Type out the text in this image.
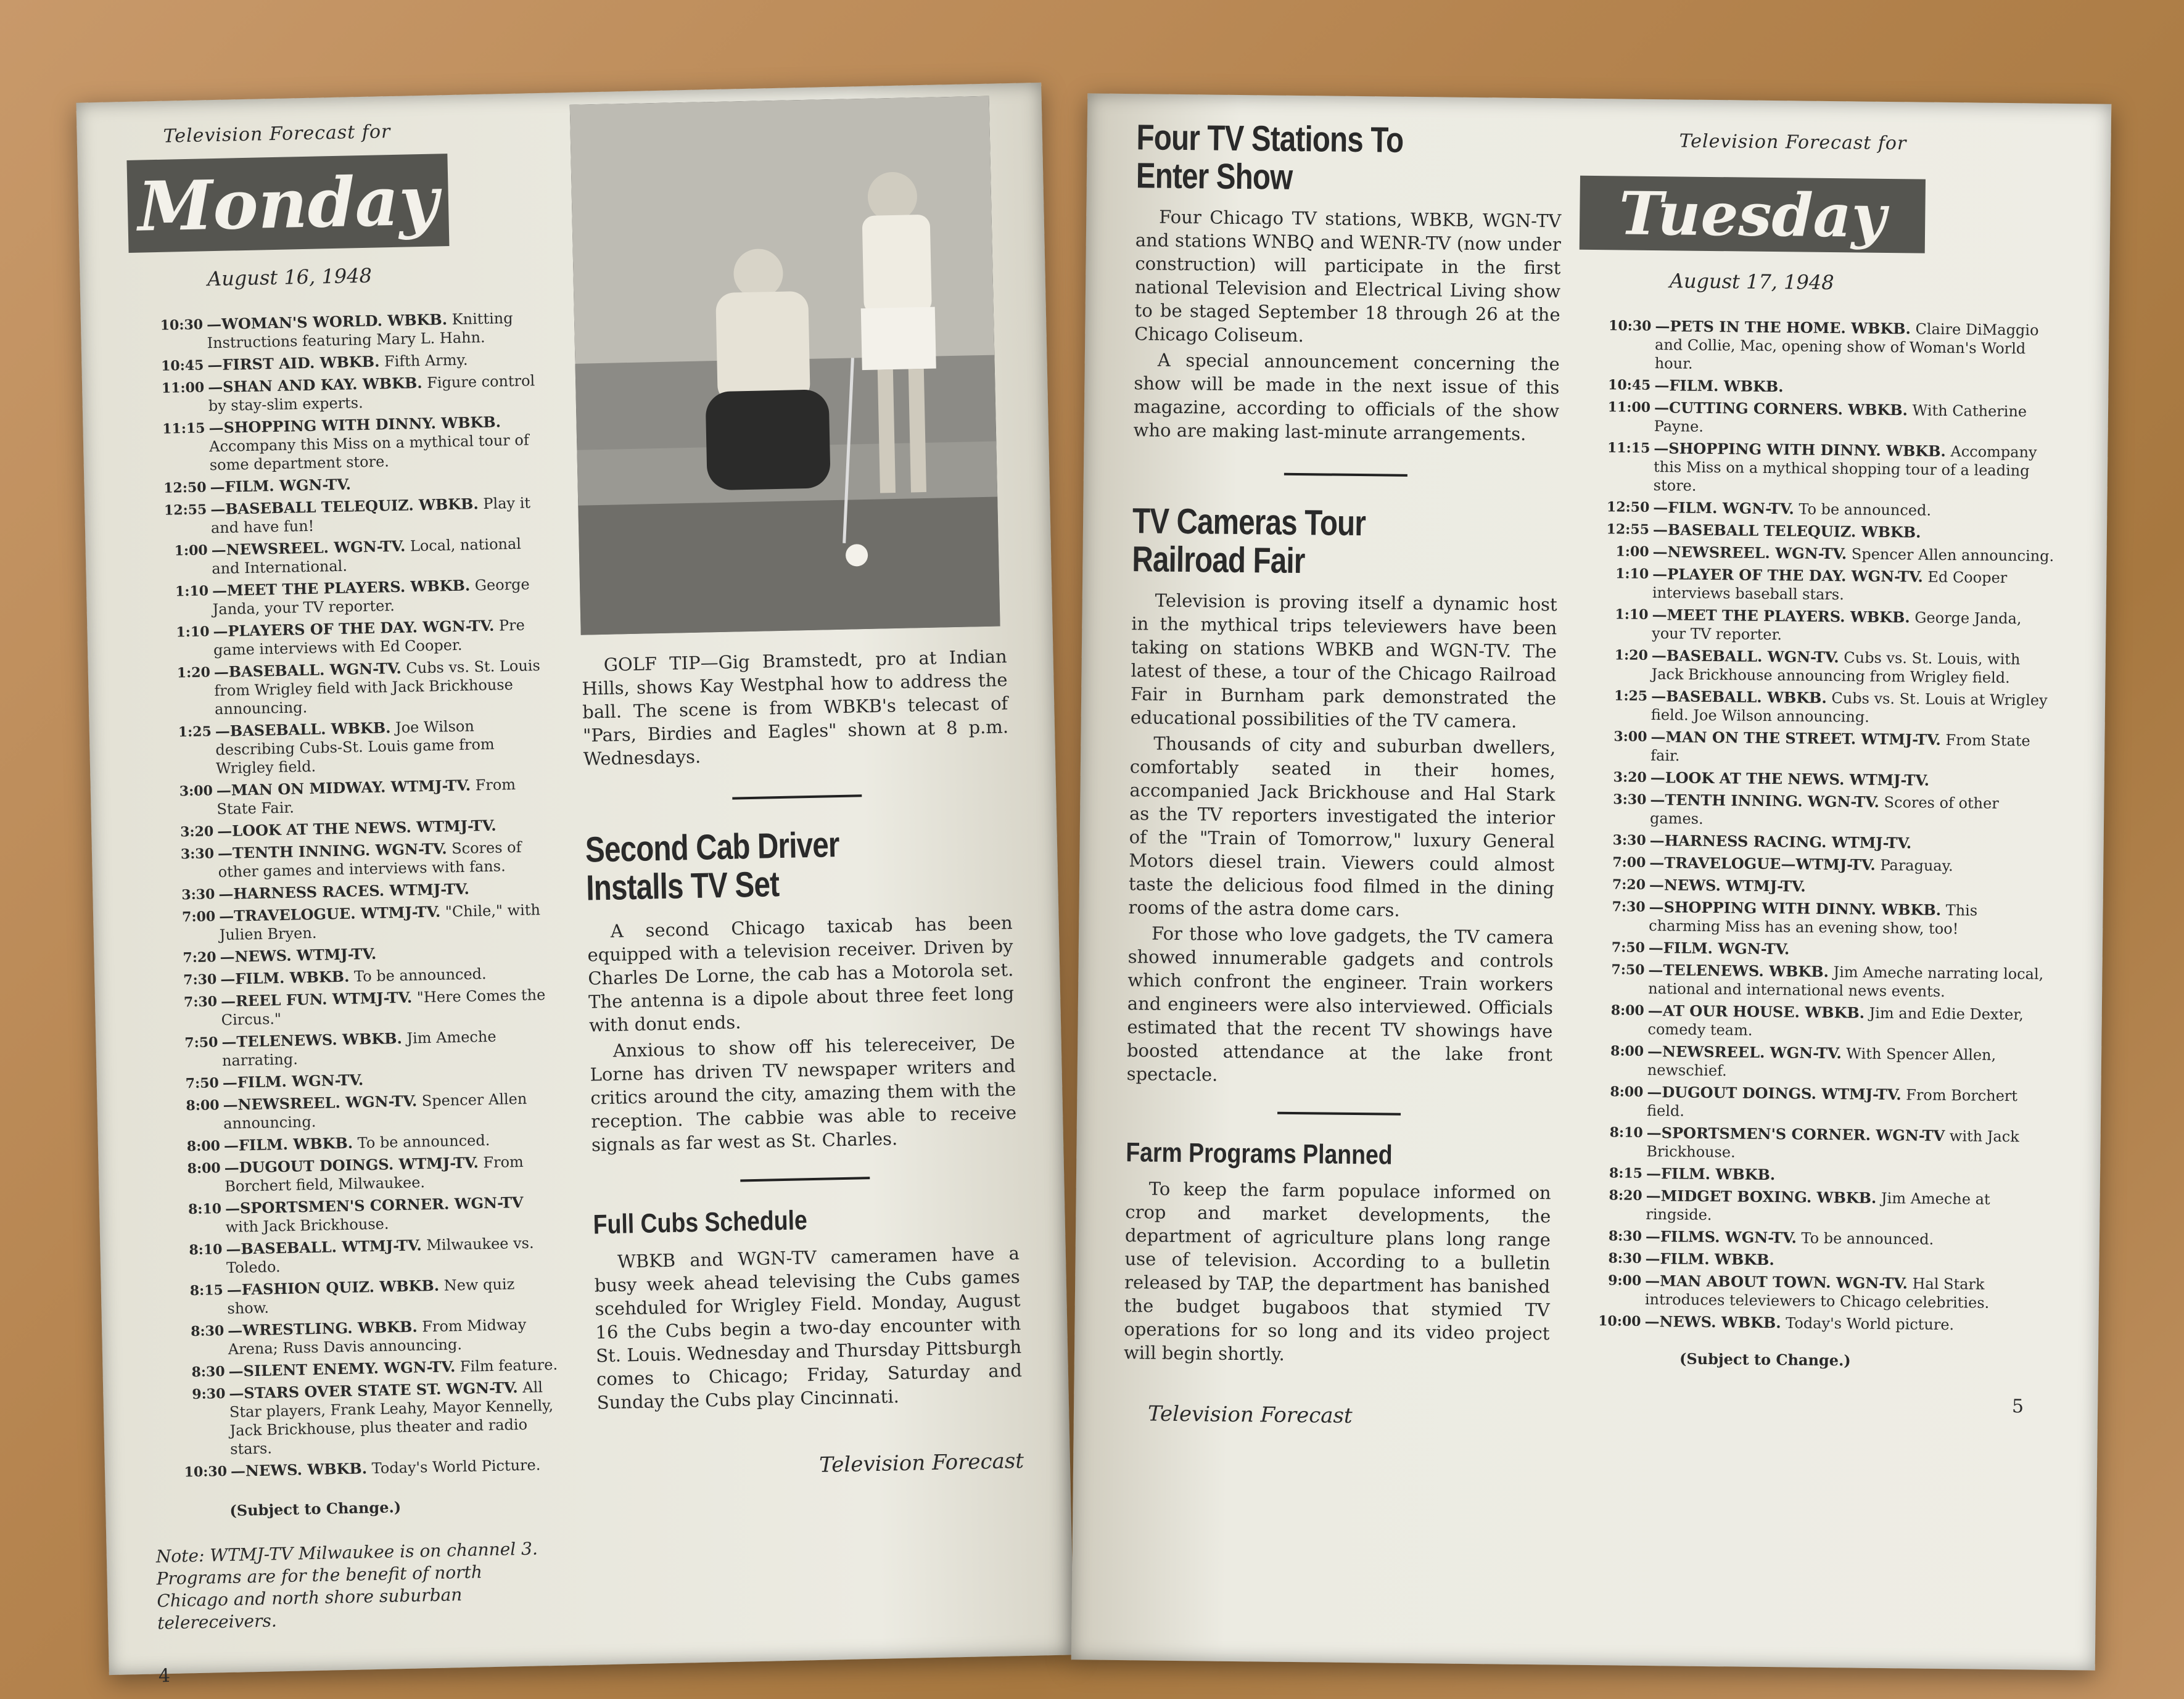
Television Forecast for
Monday
August 16, 1948
10:30 —WOMAN'S WORLD. WBKB. Knitting Instructions featuring Mary L. Hahn.
10:45 —FIRST AID. WBKB. Fifth Army.
11:00 —SHAN AND KAY. WBKB. Figure control by stay-slim experts.
11:15 —SHOPPING WITH DINNY. WBKB. Accompany this Miss on a mythical tour of some department store.
12:50 —FILM. WGN-TV.
12:55 —BASEBALL TELEQUIZ. WBKB. Play it and have fun!
1:00 —NEWSREEL. WGN-TV. Local, national and International.
1:10 —MEET THE PLAYERS. WBKB. George Janda, your TV reporter.
1:10 —PLAYERS OF THE DAY. WGN-TV. Pre game interviews with Ed Cooper.
1:20 —BASEBALL. WGN-TV. Cubs vs. St. Louis from Wrigley field with Jack Brickhouse announcing.
1:25 —BASEBALL. WBKB. Joe Wilson describing Cubs-St. Louis game from Wrigley field.
3:00 —MAN ON MIDWAY. WTMJ-TV. From State Fair.
3:20 —LOOK AT THE NEWS. WTMJ-TV.
3:30 —TENTH INNING. WGN-TV. Scores of other games and interviews with fans.
3:30 —HARNESS RACES. WTMJ-TV.
7:00 —TRAVELOGUE. WTMJ-TV. "Chile," with Julien Bryen.
7:20 —NEWS. WTMJ-TV.
7:30 —FILM. WBKB. To be announced.
7:30 —REEL FUN. WTMJ-TV. "Here Comes the Circus."
7:50 —TELENEWS. WBKB. Jim Ameche narrating.
7:50 —FILM. WGN-TV.
8:00 —NEWSREEL. WGN-TV. Spencer Allen announcing.
8:00 —FILM. WBKB. To be announced.
8:00 —DUGOUT DOINGS. WTMJ-TV. From Borchert field, Milwaukee.
8:10 —SPORTSMEN'S CORNER. WGN-TV with Jack Brickhouse.
8:10 —BASEBALL. WTMJ-TV. Milwaukee vs. Toledo.
8:15 —FASHION QUIZ. WBKB. New quiz show.
8:30 —WRESTLING. WBKB. From Midway Arena; Russ Davis announcing.
8:30 —SILENT ENEMY. WGN-TV. Film feature.
9:30 —STARS OVER STATE ST. WGN-TV. All Star players, Frank Leahy, Mayor Kennelly, Jack Brickhouse, plus theater and radio stars.
10:30 —NEWS. WBKB. Today's World Picture.
(Subject to Change.)
Note: WTMJ-TV Milwaukee is on channel 3. Programs are for the benefit of north Chicago and north shore suburban telereceivers.
4
GOLF TIP—Gig Bramstedt, pro at Indian Hills, shows Kay Westphal how to address the ball. The scene is from WBKB's telecast of "Pars, Birdies and Eagles" shown at 8 p.m. Wednesdays.
Second Cab Driver Installs TV Set

A second Chicago taxicab has been equipped with a television receiver. Driven by Charles De Lorne, the cab has a Motorola set. The antenna is a dipole about three feet long with donut ends.

Anxious to show off his telereceiver, De Lorne has driven TV newspaper writers and critics around the city, amazing them with the reception. The cabbie was able to receive signals as far west as St. Charles.

Full Cubs Schedule

WBKB and WGN-TV cameramen have a busy week ahead televising the Cubs games scehduled for Wrigley Field. Monday, August 16 the Cubs begin a two-day encounter with St. Louis. Wednesday and Thursday Pittsburgh comes to Chicago; Friday, Saturday and Sunday the Cubs play Cincinnati.

Television Forecast
Four TV Stations To Enter Show

Four Chicago TV stations, WBKB, WGN-TV and stations WNBQ and WENR-TV (now under construction) will participate in the first national Television and Electrical Living show to be staged September 18 through 26 at the Chicago Coliseum.

A special announcement concerning the show will be made in the next issue of this magazine, according to officials of the show who are making last-minute arrangements.

TV Cameras Tour Railroad Fair

Television is proving itself a dynamic host in the mythical trips televiewers have been taking on stations WBKB and WGN-TV. The latest of these, a tour of the Chicago Railroad Fair in Burnham park demonstrated the educational possibilities of the TV camera.

Thousands of city and suburban dwellers, comfortably seated in their homes, accompanied Jack Brickhouse and Hal Stark as the TV reporters investigated the interior of the "Train of Tomorrow," luxury General Motors diesel train. Viewers could almost taste the delicious food filmed in the dining rooms of the astra dome cars.

For those who love gadgets, the TV camera showed innumerable gadgets and controls which confront the engineer. Train workers and engineers were also interviewed. Officials estimated that the recent TV showings have boosted attendance at the lake front spectacle.

Farm Programs Planned

To keep the farm populace informed on crop and market developments, the department of agriculture plans long range use of television. According to a bulletin released by TAP, the department has banished the budget bugaboos that stymied TV operations for so long and its video project will begin shortly.

Television Forecast
Television Forecast for
Tuesday
August 17, 1948
10:30 —PETS IN THE HOME. WBKB. Claire DiMaggio and Collie, Mac, opening show of Woman's World hour.
10:45 —FILM. WBKB.
11:00 —CUTTING CORNERS. WBKB. With Catherine Payne.
11:15 —SHOPPING WITH DINNY. WBKB. Accompany this Miss on a mythical shopping tour of a leading store.
12:50 —FILM. WGN-TV. To be announced.
12:55 —BASEBALL TELEQUIZ. WBKB.
1:00 —NEWSREEL. WGN-TV. Spencer Allen announcing.
1:10 —PLAYER OF THE DAY. WGN-TV. Ed Cooper interviews baseball stars.
1:10 —MEET THE PLAYERS. WBKB. George Janda, your TV reporter.
1:20 —BASEBALL. WGN-TV. Cubs vs. St. Louis, with Jack Brickhouse announcing from Wrigley field.
1:25 —BASEBALL. WBKB. Cubs vs. St. Louis at Wrigley field. Joe Wilson announcing.
3:00 —MAN ON THE STREET. WTMJ-TV. From State fair.
3:20 —LOOK AT THE NEWS. WTMJ-TV.
3:30 —TENTH INNING. WGN-TV. Scores of other games.
3:30 —HARNESS RACING. WTMJ-TV.
7:00 —TRAVELOGUE—WTMJ-TV. Paraguay.
7:20 —NEWS. WTMJ-TV.
7:30 —SHOPPING WITH DINNY. WBKB. This charming Miss has an evening show, too!
7:50 —FILM. WGN-TV.
7:50 —TELENEWS. WBKB. Jim Ameche narrating local, national and international news events.
8:00 —AT OUR HOUSE. WBKB. Jim and Edie Dexter, comedy team.
8:00 —NEWSREEL. WGN-TV. With Spencer Allen, newschief.
8:00 —DUGOUT DOINGS. WTMJ-TV. From Borchert field.
8:10 —SPORTSMEN'S CORNER. WGN-TV with Jack Brickhouse.
8:15 —FILM. WBKB.
8:20 —MIDGET BOXING. WBKB. Jim Ameche at ringside.
8:30 —FILMS. WGN-TV. To be announced.
8:30 —FILM. WBKB.
9:00 —MAN ABOUT TOWN. WGN-TV. Hal Stark introduces televiewers to Chicago celebrities.
10:00 —NEWS. WBKB. Today's World picture.
(Subject to Change.)
5
